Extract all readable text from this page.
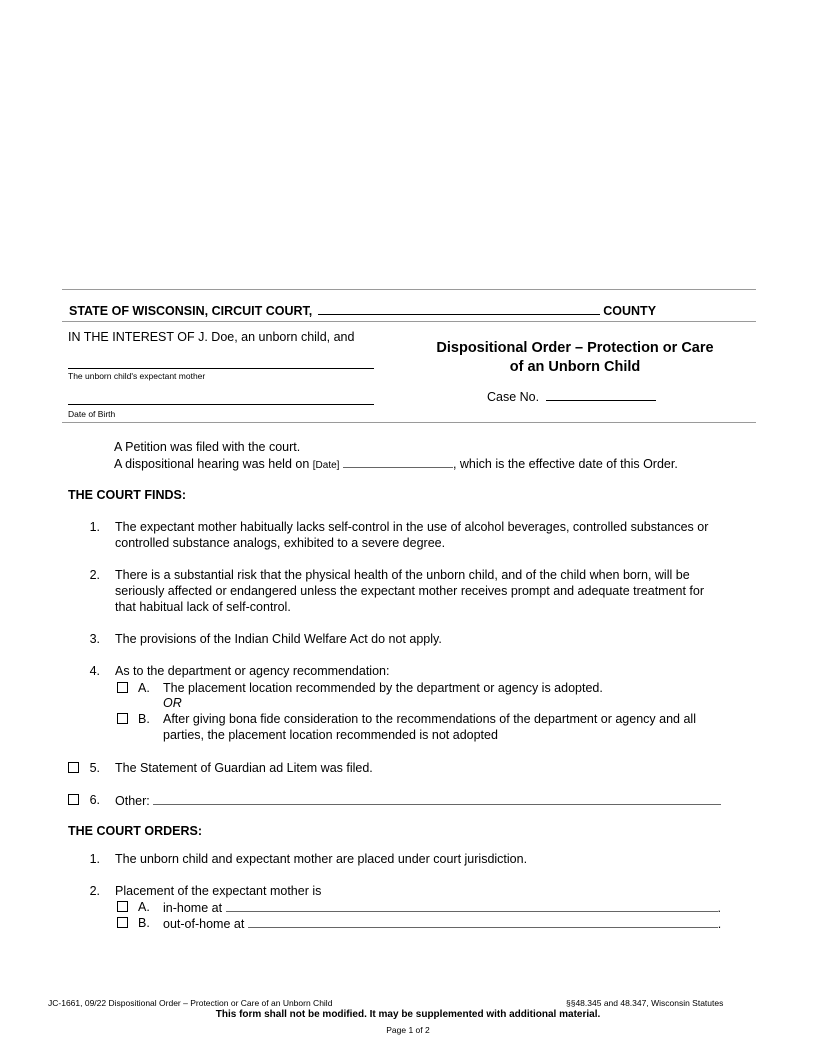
STATE OF WISCONSIN, CIRCUIT COURT,	COUNTY
IN THE INTEREST OF J. Doe, an unborn child, and
The unborn child's expectant mother
Date of Birth
Dispositional Order – Protection or Care
of an Unborn Child
Case No.
A Petition was filed with the court.
A dispositional hearing was held on [Date]	, which is the effective date of this Order.
THE COURT FINDS:
1. The expectant mother habitually lacks self-control in the use of alcohol beverages, controlled substances or
controlled substance analogs, exhibited to a severe degree.
2. There is a substantial risk that the physical health of the unborn child, and of the child when born, will be
seriously affected or endangered unless the expectant mother receives prompt and adequate treatment for
that habitual lack of self-control.
3. The provisions of the Indian Child Welfare Act do not apply.
4. As to the department or agency recommendation:
A. The placement location recommended by the department or agency is adopted.
OR
B. After giving bona fide consideration to the recommendations of the department or agency and all
parties, the placement location recommended is not adopted
5. The Statement of Guardian ad Litem was filed.
6. Other:
THE COURT ORDERS:
1. The unborn child and expectant mother are placed under court jurisdiction.
2. Placement of the expectant mother is
A. in-home at	.
B. out-of-home at	.
JC-1661, 09/22 Dispositional Order – Protection or Care of an Unborn Child	§§48.345 and 48.347, Wisconsin Statutes
This form shall not be modified. It may be supplemented with additional material.
Page 1 of 2
